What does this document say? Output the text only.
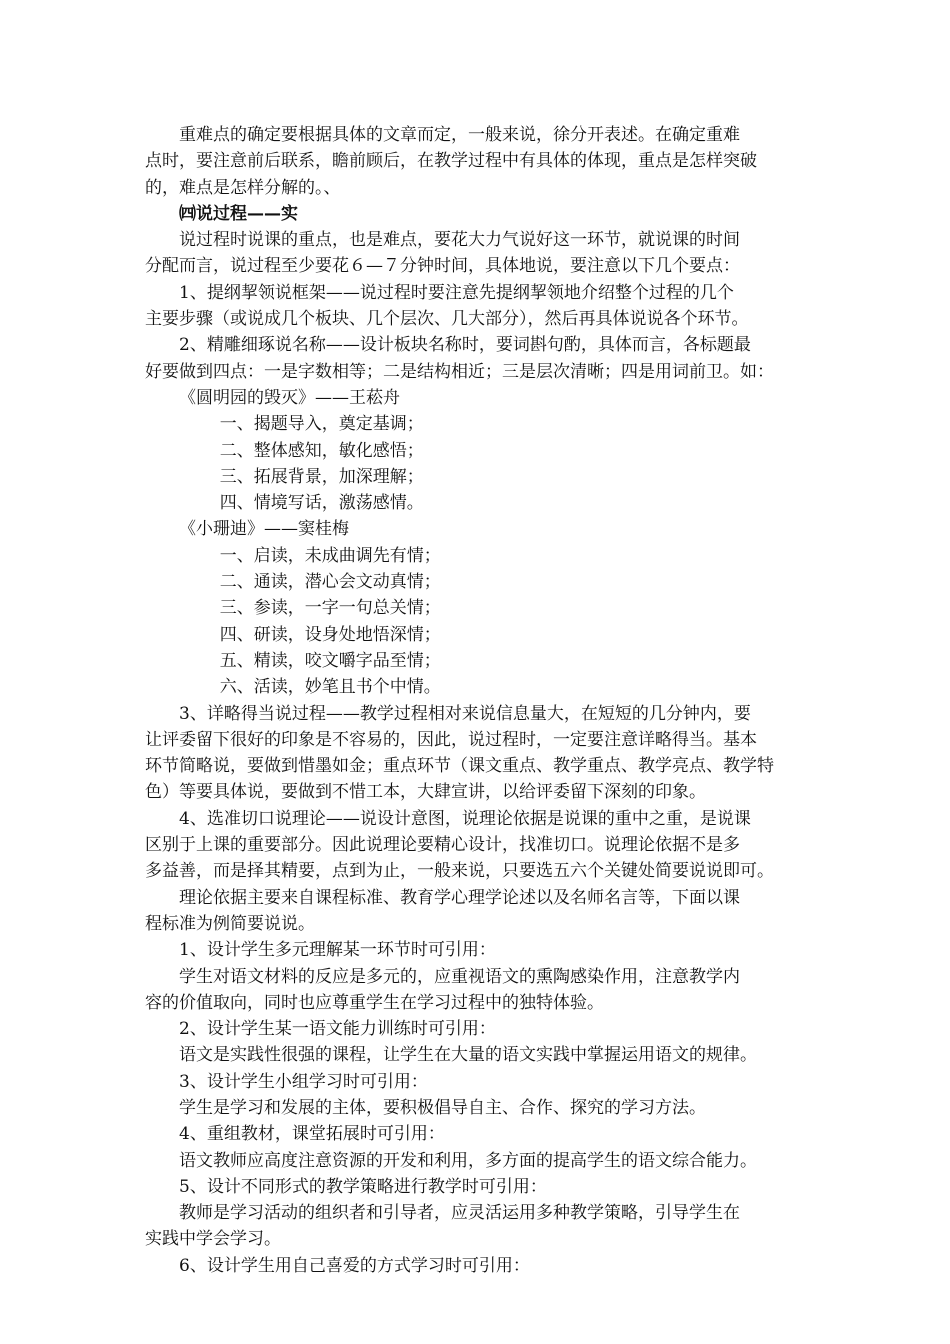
重难点的确定要根据具体的文章而定，一般来说，徐分开表述。在确定重难
点时，要注意前后联系，瞻前顾后，在教学过程中有具体的体现，重点是怎样突破
的，难点是怎样分解的。、
㈣说过程——实
说过程时说课的重点，也是难点，要花大力气说好这一环节，就说课的时间
分配而言，说过程至少要花６—７分钟时间，具体地说，要注意以下几个要点：
1、提纲挈领说框架——说过程时要注意先提纲挈领地介绍整个过程的几个
主要步骤（或说成几个板块、几个层次、几大部分），然后再具体说说各个环节。
2、精雕细琢说名称——设计板块名称时，要词斟句酌，具体而言，各标题最
好要做到四点：一是字数相等；二是结构相近；三是层次清晰；四是用词前卫。如：
《圆明园的毁灭》——王菘舟
一、揭题导入，奠定基调；
二、整体感知，敏化感悟；
三、拓展背景，加深理解；
四、情境写话，激荡感情。
《小珊迪》——窦桂梅
一、启读，未成曲调先有情；
二、通读，潜心会文动真情；
三、参读，一字一句总关情；
四、研读，设身处地悟深情；
五、精读，咬文嚼字品至情；
六、活读，妙笔且书个中情。
3、详略得当说过程——教学过程相对来说信息量大，在短短的几分钟内，要
让评委留下很好的印象是不容易的，因此，说过程时，一定要注意详略得当。基本
环节简略说，要做到惜墨如金；重点环节（课文重点、教学重点、教学亮点、教学特
色）等要具体说，要做到不惜工本，大肆宣讲，以给评委留下深刻的印象。
4、选准切口说理论——说设计意图，说理论依据是说课的重中之重，是说课
区别于上课的重要部分。因此说理论要精心设计，找准切口。说理论依据不是多
多益善，而是择其精要，点到为止，一般来说，只要选五六个关键处简要说说即可。
理论依据主要来自课程标准、教育学心理学论述以及名师名言等，下面以课
程标准为例简要说说。
1、设计学生多元理解某一环节时可引用：
学生对语文材料的反应是多元的，应重视语文的熏陶感染作用，注意教学内
容的价值取向，同时也应尊重学生在学习过程中的独特体验。
2、设计学生某一语文能力训练时可引用：
语文是实践性很强的课程，让学生在大量的语文实践中掌握运用语文的规律。
3、设计学生小组学习时可引用：
学生是学习和发展的主体，要积极倡导自主、合作、探究的学习方法。
4、重组教材，课堂拓展时可引用：
语文教师应高度注意资源的开发和利用，多方面的提高学生的语文综合能力。
5、设计不同形式的教学策略进行教学时可引用：
教师是学习活动的组织者和引导者，应灵活运用多种教学策略，引导学生在
实践中学会学习。
6、设计学生用自己喜爱的方式学习时可引用：
